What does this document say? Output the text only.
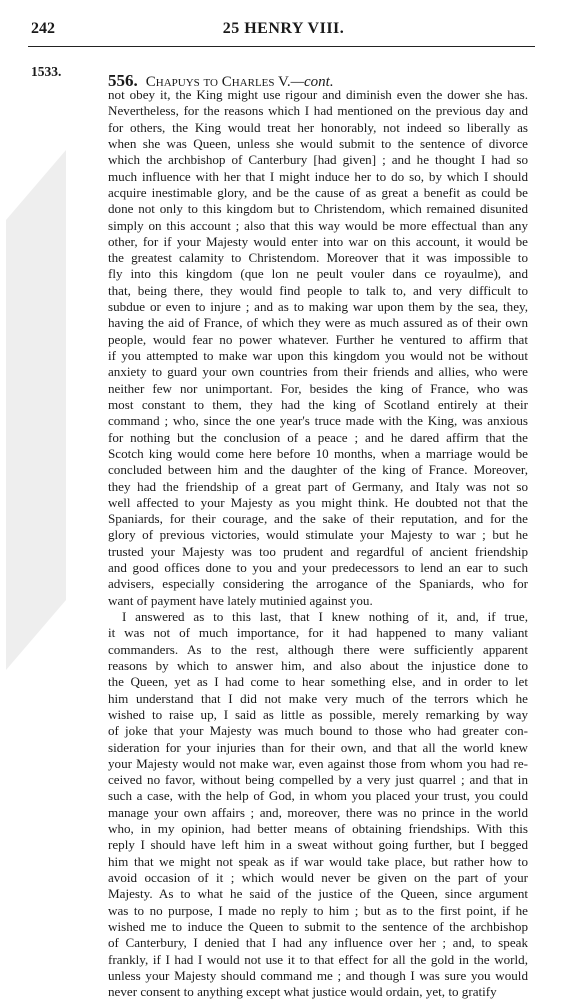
242	25 HENRY VIII.
1533.	556. Chapuys to Charles V.—cont.
not obey it, the King might use rigour and diminish even the dower she has.
Nevertheless, for the reasons which I had mentioned on the previous day and
for others, the King would treat her honorably, not indeed so liberally as
when she was Queen, unless she would submit to the sentence of divorce
which the archbishop of Canterbury [had given] ; and he thought I had so
much influence with her that I might induce her to do so, by which I should
acquire inestimable glory, and be the cause of as great a benefit as could be
done not only to this kingdom but to Christendom, which remained disunited
simply on this account ; also that this way would be more effectual than any
other, for if your Majesty would enter into war on this account, it would be
the greatest calamity to Christendom. Moreover that it was impossible to
fly into this kingdom (que lon ne peult vouler dans ce royaulme), and
that, being there, they would find people to talk to, and very difficult to
subdue or even to injure ; and as to making war upon them by the sea, they,
having the aid of France, of which they were as much assured as of their own
people, would fear no power whatever. Further he ventured to affirm that
if you attempted to make war upon this kingdom you would not be without
anxiety to guard your own countries from their friends and allies, who were
neither few nor unimportant. For, besides the king of France, who was
most constant to them, they had the king of Scotland entirely at their
command ; who, since the one year's truce made with the King, was anxious
for nothing but the conclusion of a peace ; and he dared affirm that the
Scotch king would come here before 10 months, when a marriage would be
concluded between him and the daughter of the king of France. Moreover,
they had the friendship of a great part of Germany, and Italy was not so
well affected to your Majesty as you might think. He doubted not that the
Spaniards, for their courage, and the sake of their reputation, and for the
glory of previous victories, would stimulate your Majesty to war ; but he
trusted your Majesty was too prudent and regardful of ancient friendship
and good offices done to you and your predecessors to lend an ear to such
advisers, especially considering the arrogance of the Spaniards, who for
want of payment have lately mutinied against you.
I answered as to this last, that I knew nothing of it, and, if true,
it was not of much importance, for it had happened to many valiant
commanders. As to the rest, although there were sufficiently apparent
reasons by which to answer him, and also about the injustice done to
the Queen, yet as I had come to hear something else, and in order to let
him understand that I did not make very much of the terrors which he
wished to raise up, I said as little as possible, merely remarking by way
of joke that your Majesty was much bound to those who had greater con-
sideration for your injuries than for their own, and that all the world knew
your Majesty would not make war, even against those from whom you had re-
ceived no favor, without being compelled by a very just quarrel ; and that in
such a case, with the help of God, in whom you placed your trust, you could
manage your own affairs ; and, moreover, there was no prince in the world
who, in my opinion, had better means of obtaining friendships. With this
reply I should have left him in a sweat without going further, but I begged
him that we might not speak as if war would take place, but rather how to
avoid occasion of it ; which would never be given on the part of your
Majesty. As to what he said of the justice of the Queen, since argument
was to no purpose, I made no reply to him ; but as to the first point, if he
wished me to induce the Queen to submit to the sentence of the archbishop
of Canterbury, I denied that I had any influence over her ; and, to speak
frankly, if I had I would not use it to that effect for all the gold in the world,
unless your Majesty should command me ; and though I was sure you would
never consent to anything except what justice would ordain, yet, to gratify
